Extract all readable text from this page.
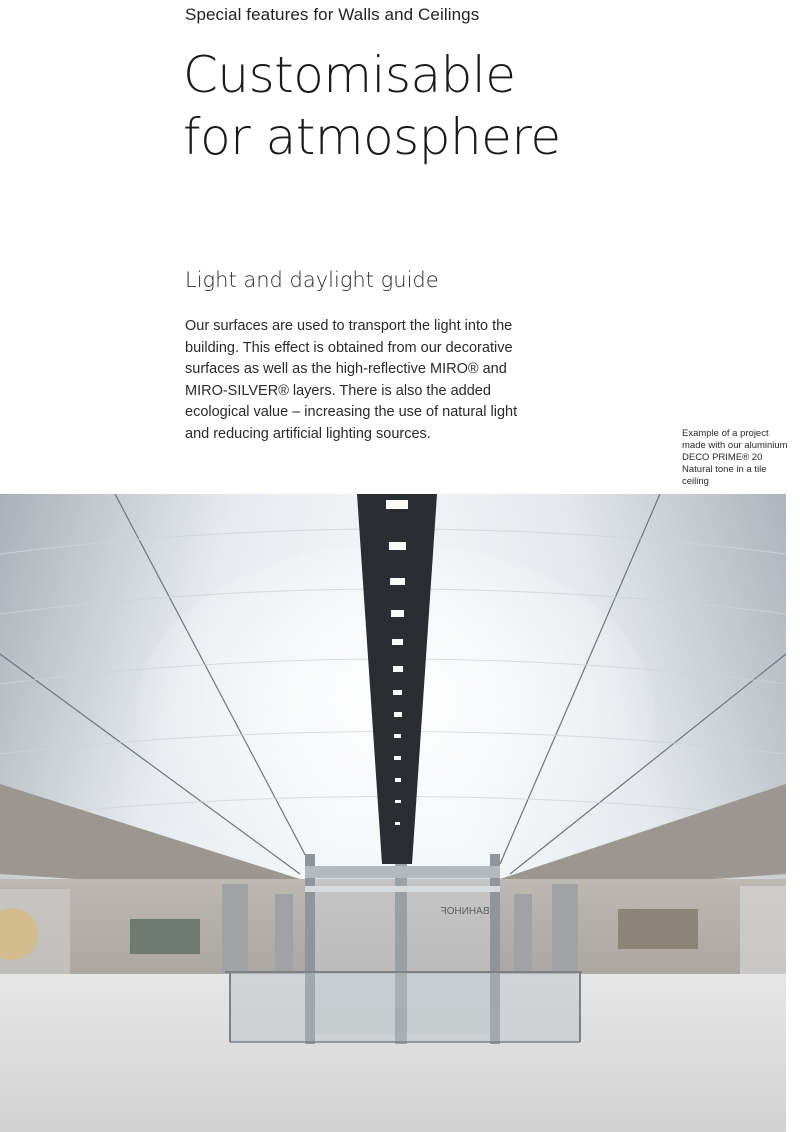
Special features for Walls and Ceilings
Customisable
for atmosphere
Light and daylight guide

Our surfaces are used to transport the light into the building. This effect is obtained from our decorative surfaces as well as the high-reflective MIRO® and MIRO-SILVER® layers. There is also the added ecological value – increasing the use of natural light and reducing artificial lighting sources.	Example of a project made with our aluminium DECO PRIME® 20 Natural tone in a tile ceiling

BAHNHOF
